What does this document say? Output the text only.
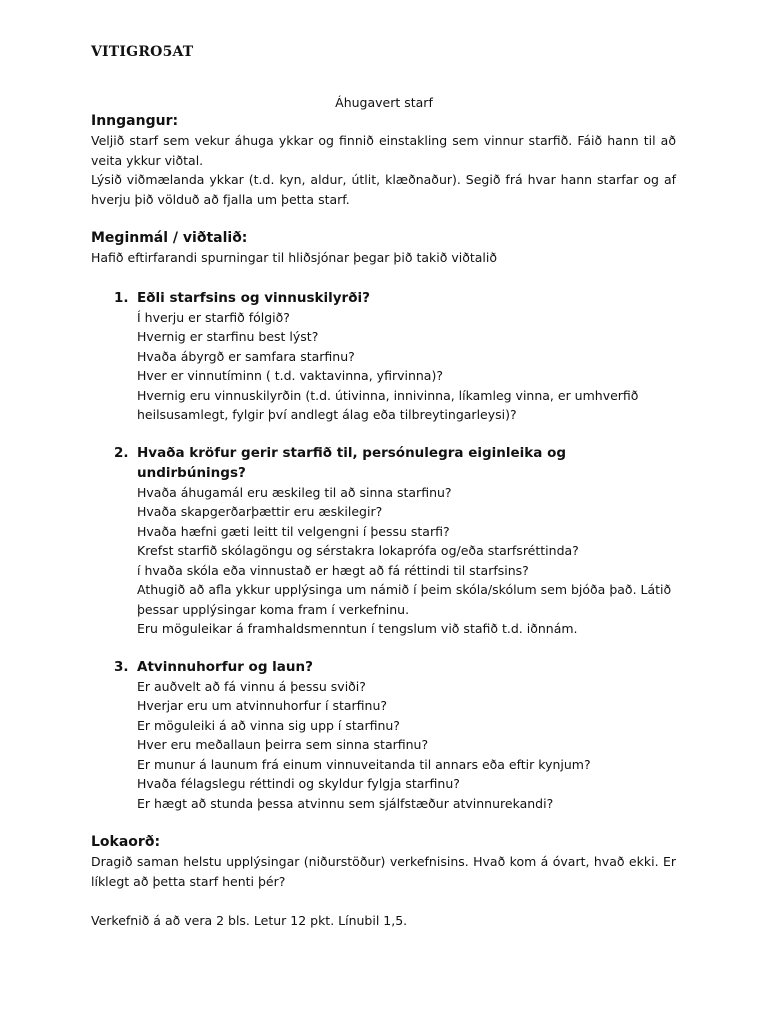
VITIGRO5AT
Áhugavert starf
Inngangur:

Veljið starf sem vekur áhuga ykkar og finnið einstakling sem vinnur starfið. Fáið hann til að veita ykkur viðtal.

Lýsið viðmælanda ykkar (t.d. kyn, aldur, útlit, klæðnaður). Segið frá hvar hann starfar og af hverju þið völduð að fjalla um þetta starf.

Meginmál / viðtalið:

Hafið eftirfarandi spurningar til hliðsjónar þegar þið takið viðtalið

1. Eðli starfsins og vinnuskilyrði?
Í hverju er starfið fólgið?
Hvernig er starfinu best lýst?
Hvaða ábyrgð er samfara starfinu?
Hver er vinnutíminn ( t.d. vaktavinna, yfirvinna)?
Hvernig eru vinnuskilyrðin (t.d. útivinna, innivinna, líkamleg vinna, er umhverfið
heilsusamlegt, fylgir því andlegt álag eða tilbreytingarleysi)?
2. Hvaða kröfur gerir starfið til, persónulegra eiginleika og undirbúnings?
Hvaða áhugamál eru æskileg til að sinna starfinu?
Hvaða skapgerðarþættir eru æskilegir?
Hvaða hæfni gæti leitt til velgengni í þessu starfi?
Krefst starfið skólagöngu og sérstakra lokaprófa og/eða starfsréttinda?
í hvaða skóla eða vinnustað er hægt að fá réttindi til starfsins?
Athugið að afla ykkur upplýsinga um námið í þeim skóla/skólum sem bjóða það. Látið
þessar upplýsingar koma fram í verkefninu.
Eru möguleikar á framhaldsmenntun í tengslum við stafið t.d. iðnnám.
3. Atvinnuhorfur og laun?
Er auðvelt að fá vinnu á þessu sviði?
Hverjar eru um atvinnuhorfur í starfinu?
Er möguleiki á að vinna sig upp í starfinu?
Hver eru meðallaun þeirra sem sinna starfinu?
Er munur á launum frá einum vinnuveitanda til annars eða eftir kynjum?
Hvaða félagslegu réttindi og skyldur fylgja starfinu?
Er hægt að stunda þessa atvinnu sem sjálfstæður atvinnurekandi?
Lokaorð:

Dragið saman helstu upplýsingar (niðurstöður) verkefnisins. Hvað kom á óvart, hvað ekki. Er líklegt að þetta starf henti þér?

Verkefnið á að vera 2 bls. Letur 12 pkt. Línubil 1,5.
